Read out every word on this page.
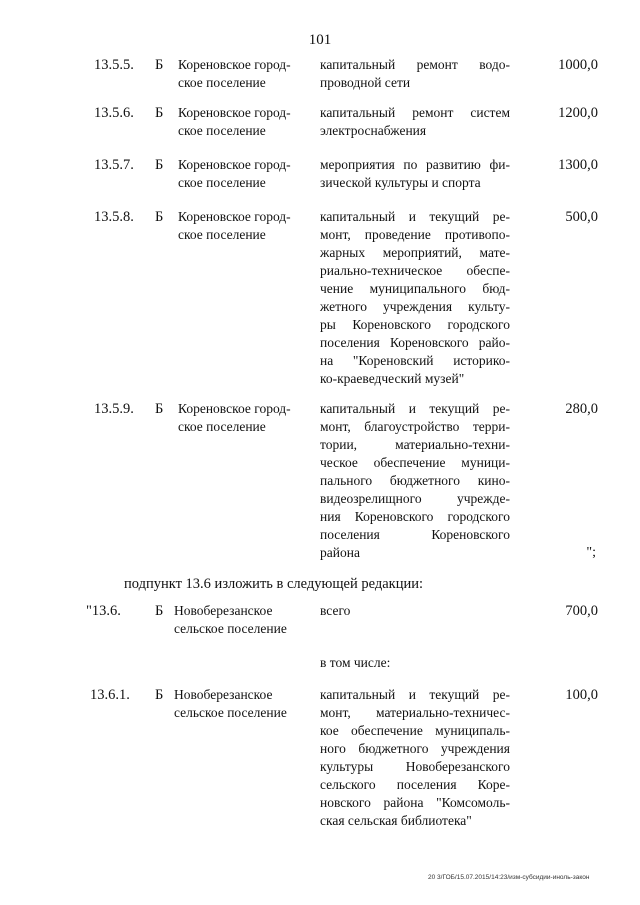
101
13.5.5. Б Кореновское город-
ское поселение
капитальный ремонт водо-
проводной сети
1000,0
13.5.6. Б Кореновское город-
ское поселение
капитальный ремонт систем
электроснабжения
1200,0
13.5.7. Б Кореновское город-
ское поселение
мероприятия по развитию фи-
зической культуры и спорта
1300,0
13.5.8. Б Кореновское город-
ское поселение
капитальный и текущий ре-
монт, проведение противопо-
жарных мероприятий, мате-
риально-техническое обеспе-
чение муниципального бюд-
жетного учреждения культу-
ры Кореновского городского
поселения Кореновского райо-
на "Кореновский историко-
ко-краеведческий музей"
500,0
13.5.9. Б Кореновское город-
ское поселение
капитальный и текущий ре-
монт, благоустройство терри-
тории, материально-техни-
ческое обеспечение муници-
пального бюджетного кино-
видеозрелищного учрежде-
ния Кореновского городского
поселения Кореновского
района
280,0
";
подпункт 13.6 изложить в следующей редакции:
"13.6. Б Новоберезанское
сельское поселение
всего	700,0
в том числе:
13.6.1. Б Новоберезанское
сельское поселение
капитальный и текущий ре-
монт, материально-техничес-
кое обеспечение муниципаль-
ного бюджетного учреждения
культуры Новоберезанского
сельского поселения Коре-
новского района "Комсомоль-
ская сельская библиотека"
100,0
20 3/ГОБ/15.07.2015/14:23/изм-субсидии-иноль-закон
